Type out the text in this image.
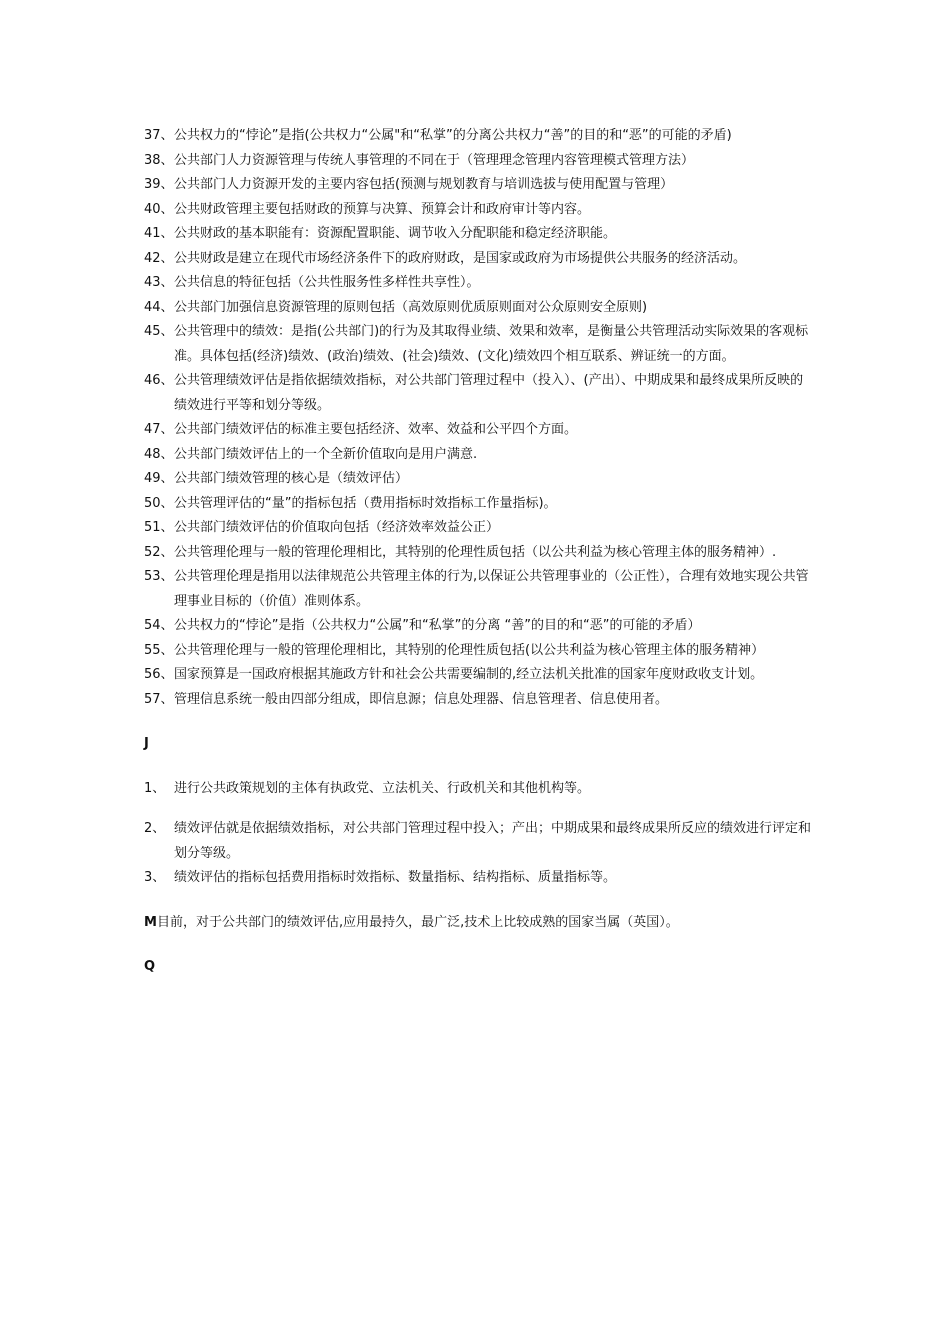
37、 公共权力的“悖论”是指(公共权力“公属"和“私掌”的分离公共权力“善”的目的和“恶”的可能的矛盾)
38、 公共部门人力资源管理与传统人事管理的不同在于（管理理念管理内容管理模式管理方法）
39、 公共部门人力资源开发的主要内容包括(预测与规划教育与培训选拔与使用配置与管理）
40、 公共财政管理主要包括财政的预算与决算、预算会计和政府审计等内容。
41、 公共财政的基本职能有：资源配置职能、调节收入分配职能和稳定经济职能。
42、 公共财政是建立在现代市场经济条件下的政府财政，是国家或政府为市场提供公共服务的经济活动。
43、 公共信息的特征包括（公共性服务性多样性共享性）。
44、 公共部门加强信息资源管理的原则包括（高效原则优质原则面对公众原则安全原则)
45、 公共管理中的绩效：是指(公共部门)的行为及其取得业绩、效果和效率，是衡量公共管理活动实际效果的客观标准。具体包括(经济)绩效、(政治)绩效、(社会)绩效、(文化)绩效四个相互联系、辨证统一的方面。
46、 公共管理绩效评估是指依据绩效指标，对公共部门管理过程中（投入）、(产出）、中期成果和最终成果所反映的绩效进行平等和划分等级。
47、 公共部门绩效评估的标准主要包括经济、效率、效益和公平四个方面。
48、 公共部门绩效评估上的一个全新价值取向是用户满意.
49、 公共部门绩效管理的核心是（绩效评估）
50、 公共管理评估的“量”的指标包括（费用指标时效指标工作量指标)。
51、 公共部门绩效评估的价值取向包括（经济效率效益公正）
52、 公共管理伦理与一般的管理伦理相比，其特别的伦理性质包括（以公共利益为核心管理主体的服务精神）.
53、 公共管理伦理是指用以法律规范公共管理主体的行为,以保证公共管理事业的（公正性），合理有效地实现公共管理事业目标的（价值）准则体系。
54、 公共权力的“悖论”是指（公共权力“公属”和“私掌”的分离 “善”的目的和“恶”的可能的矛盾）
55、 公共管理伦理与一般的管理伦理相比，其特别的伦理性质包括(以公共利益为核心管理主体的服务精神）
56、 国家预算是一国政府根据其施政方针和社会公共需要编制的,经立法机关批准的国家年度财政收支计划。
57、 管理信息系统一般由四部分组成，即信息源；信息处理器、信息管理者、信息使用者。
J
1、 进行公共政策规划的主体有执政党、立法机关、行政机关和其他机构等。
2、 绩效评估就是依据绩效指标，对公共部门管理过程中投入；产出；中期成果和最终成果所反应的绩效进行评定和划分等级。
3、 绩效评估的指标包括费用指标时效指标、数量指标、结构指标、质量指标等。
M目前，对于公共部门的绩效评估,应用最持久，最广泛,技术上比较成熟的国家当属（英国）。
Q
